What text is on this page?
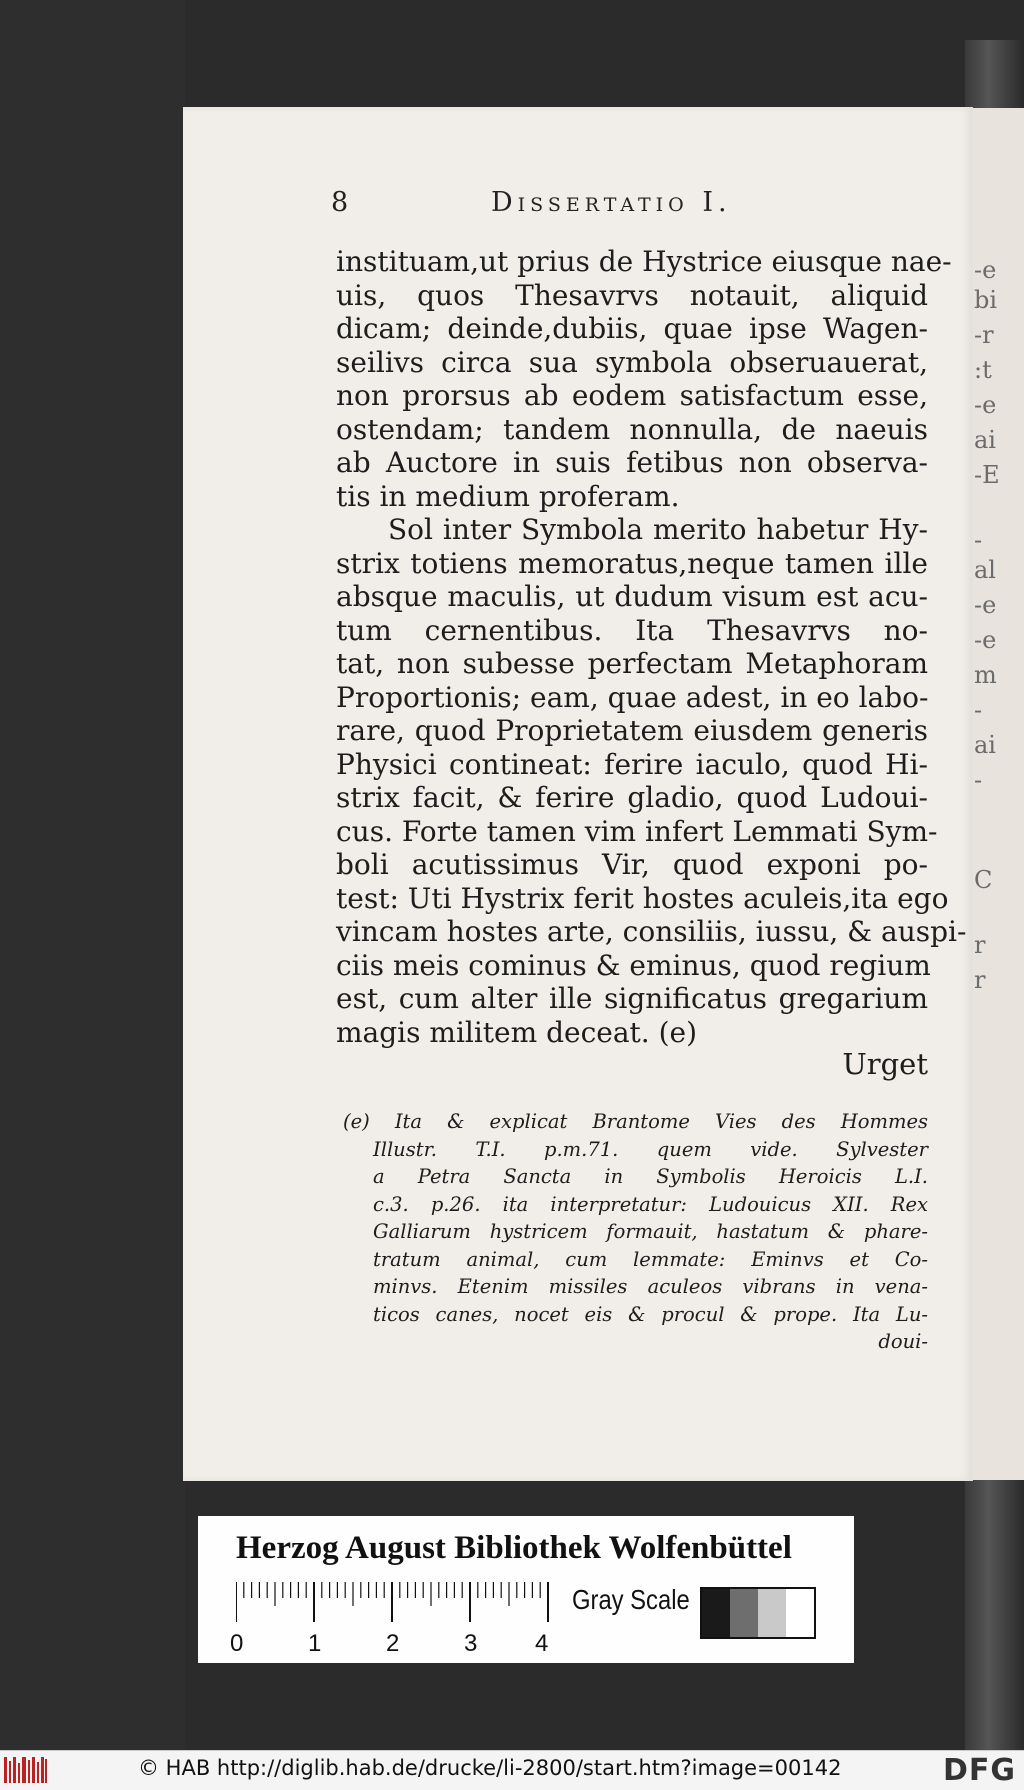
-e
bi
-r
:t
-e
ai
-E
-
al
-e
-e
m
-
ai
-
C
r
r
8	Dissertatio I.
instituam,ut prius de Hystrice eiusque nae-
uis, quos Thesavrvs notauit, aliquid
dicam; deinde,dubiis, quae ipse Wagen-
seilivs circa sua symbola obseruauerat,
non prorsus ab eodem satisfactum esse,
ostendam; tandem nonnulla, de naeuis
ab Auctore in suis fetibus non observa-
tis in medium proferam.
Sol inter Symbola merito habetur Hy-
strix totiens memoratus,neque tamen ille
absque maculis, ut dudum visum est acu-
tum cernentibus. Ita Thesavrvs no-
tat, non subesse perfectam Metaphoram
Proportionis; eam, quae adest, in eo labo-
rare, quod Proprietatem eiusdem generis
Physici contineat: ferire iaculo, quod Hi-
strix facit, & ferire gladio, quod Ludoui-
cus. Forte tamen vim infert Lemmati Sym-
boli acutissimus Vir, quod exponi po-
test: Uti Hystrix ferit hostes aculeis,ita ego
vincam hostes arte, consiliis, iussu, & auspi-
ciis meis cominus & eminus, quod regium
est, cum alter ille significatus gregarium
magis militem deceat. (e)
Urget
(e) Ita & explicat Brantome Vies des Hommes
Illustr. T.I. p.m.71. quem vide. Sylvester
a Petra Sancta in Symbolis Heroicis L.I.
c.3. p.26. ita interpretatur: Ludouicus XII. Rex
Galliarum hystricem formauit, hastatum & phare-
tratum animal, cum lemmate: Eminvs et Co-
minvs. Etenim missiles aculeos vibrans in vena-
ticos canes, nocet eis & procul & prope. Ita Lu-
doui-
Herzog August Bibliothek Wolfenbüttel
0	1	2	3 4
Gray Scale
© HAB http://diglib.hab.de/drucke/li-2800/start.htm?image=00142	DFG
